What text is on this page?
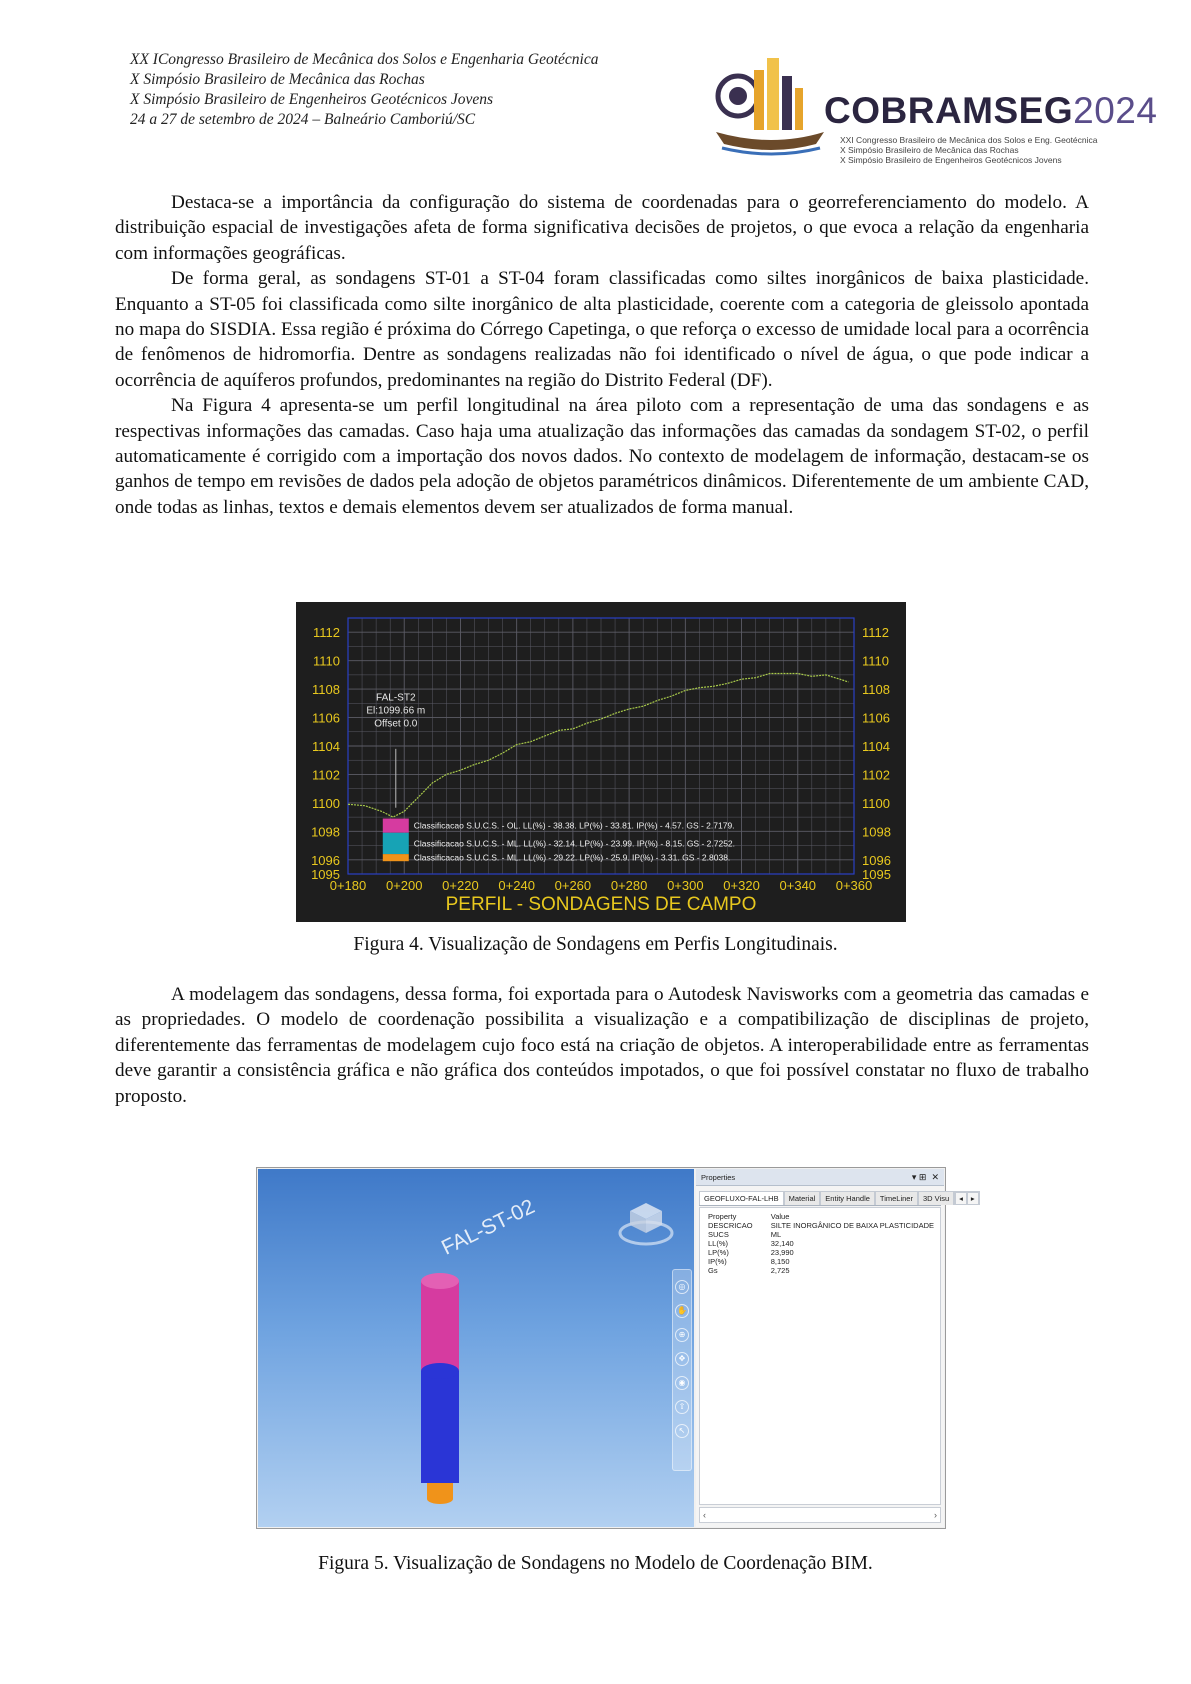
XX ICongresso Brasileiro de Mecânica dos Solos e Engenharia Geotécnica
X Simpósio Brasileiro de Mecânica das Rochas
X Simpósio Brasileiro de Engenheiros Geotécnicos Jovens
24 a 27 de setembro de 2024 – Balneário Camboriú/SC	COBRAMSEG2024
XXI Congresso Brasileiro de Mecânica dos Solos e Eng. Geotécnica
X Simpósio Brasileiro de Mecânica das Rochas
X Simpósio Brasileiro de Engenheiros Geotécnicos Jovens

Destaca-se a importância da configuração do sistema de coordenadas para o georreferenciamento do modelo. A distribuição espacial de investigações afeta de forma significativa decisões de projetos, o que evoca a relação da engenharia com informações geográficas.

De forma geral, as sondagens ST-01 a ST-04 foram classificadas como siltes inorgânicos de baixa plasticidade. Enquanto a ST-05 foi classificada como silte inorgânico de alta plasticidade, coerente com a categoria de gleissolo apontada no mapa do SISDIA. Essa região é próxima do Córrego Capetinga, o que reforça o excesso de umidade local para a ocorrência de fenômenos de hidromorfia. Dentre as sondagens realizadas não foi identificado o nível de água, o que pode indicar a ocorrência de aquíferos profundos, predominantes na região do Distrito Federal (DF).

Na Figura 4 apresenta-se um perfil longitudinal na área piloto com a representação de uma das sondagens e as respectivas informações das camadas. Caso haja uma atualização das informações das camadas da sondagem ST-02, o perfil automaticamente é corrigido com a importação dos novos dados. No contexto de modelagem de informação, destacam-se os ganhos de tempo em revisões de dados pela adoção de objetos paramétricos dinâmicos. Diferentemente de um ambiente CAD, onde todas as linhas, textos e demais elementos devem ser atualizados de forma manual.

1095	1095
1096	1096
1098	1098
1100	1100
1102	1102
1104	1104
1106	1106
1108	1108
1110	1110
1112	1112
0+180 0+200 0+220 0+240 0+260 0+280 0+300 0+320 0+340 0+360
FAL-ST2
El:1099.66 m
Offset 0.0
Classificacao S.U.C.S. - OL. LL(%) - 38.38. LP(%) - 33.81. IP(%) - 4.57. GS - 2.7179.
Classificacao S.U.C.S. - ML. LL(%) - 32.14. LP(%) - 23.99. IP(%) - 8.15. GS - 2.7252.
Classificacao S.U.C.S. - ML. LL(%) - 29.22. LP(%) - 25.9. IP(%) - 3.31. GS - 2.8038.
PERFIL - SONDAGENS DE CAMPO
Figura 4. Visualização de Sondagens em Perfis Longitudinais.

A modelagem das sondagens, dessa forma, foi exportada para o Autodesk Navisworks com a geometria das camadas e as propriedades. O modelo de coordenação possibilita a visualização e a compatibilização de disciplinas de projeto, diferentemente das ferramentas de modelagem cujo foco está na criação de objetos. A interoperabilidade entre as ferramentas deve garantir a consistência gráfica e não gráfica dos conteúdos impotados, o que foi possível constatar no fluxo de trabalho proposto.

FAL-ST-02
◎
✋
⊕
✥
◉
⇧
↖
Properties	▾ ⊞ ✕
GEOFLUXO-FAL-LHB	Material	Entity Handle	TimeLiner	3D Visu	◂	▸
Property	Value
DESCRICAO	SILTE INORGÂNICO DE BAIXA PLASTICIDADE
SUCS	ML
LL(%)	32,140
LP(%)	23,990
IP(%)	8,150
Gs	2,725
‹	›
Figura 5. Visualização de Sondagens no Modelo de Coordenação BIM.
